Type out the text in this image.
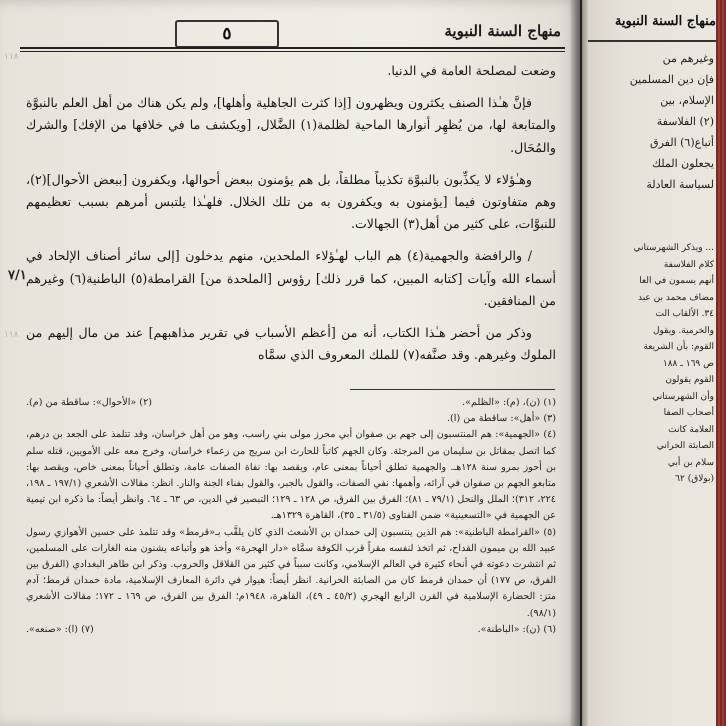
منهاج السنة النبوية
وغيرهم من
فإن دين المسلمين
الإسلام، بين
(٢) الفلاسفة
أتباع(٦) الفرق
يجعلون الملك
لسياسة العادلة
... ويذكر الشهرستاني
كلام الفلاسفة
أنهم يسمون في العا
مضاف محمد بن عبد
٣٤. الألقاب الت
والخرمية. ويقول
القوم: بأن الشريعة
ص ١٦٩ ـ ١٨٨
القوم يقولون
وأن الشهرستاني
أصحاب الصفا
العلامة كانت
الصابئة الحراني
سلام بن أبي
(بولاق) ٦٢
٥	منهاج السنة النبوية
١١٨
٧/١
١١٨

وضعت لمصلحة العامة في الدنيا.

فإنَّ هـٰذا الصنف يكثرون ويظهرون [إذا كثرت الجاهلية وأهلها]، ولم يكن هناك من أهل العلم بالنبوَّة والمتابعة لها، من يُظهِر أنوارها الماحية لظلمة(١) الضَّلال، [ويكشف ما في خلافها من الإفك] والشرك والمُحَال.

وهـٰؤلاء لا يكذِّبون بالنبوَّة تكذيباً مطلقاً، بل هم يؤمنون ببعض أحوالها، ويكفرون [ببعض الأحوال](٢)، وهم متفاوتون فيما [يؤمنون به ويكفرون به من تلك الخلال. فلهـٰذا يلتبس أمرهم بسبب تعظيمهم للنبوَّات، على كثير من أهل(٣) الجهالات.

/ والرافضة والجهمية(٤) هم الباب لهـٰؤلاء الملحدين، منهم يدخلون [إلى سائر أصناف الإلحاد في أسماء الله وآيات [كتابه المبين، كما قرر ذلك] رؤوس [الملحدة من] القرامطة(٥) الباطنية(٦) وغيرهم من المنافقين.

وذكر من أحضر هـٰذا الكتاب، أنه من [أعظم الأسباب في تقرير مذاهبهم] عند من مال إليهم من الملوك وغيرهم. وقد صنَّفه(٧) للملك المعروف الذي سمَّاه

(١) (ن)، (م): «الظلم».
(٢) «الأحوال»: ساقطة من (م).

(٣) «أهل»: ساقطة من (ا).

(٤) «الجهمية»: هم المنتسبون إلى جهم بن صفوان أبي محرز مولى بني راسب، وهو من أهل خراسان، وقد تتلمذ على الجعد بن درهم، كما اتصل بمقاتل بن سليمان من المرجئة. وكان الجهم كاتباً للحارث ابن سريج من زعماء خراسان، وخرج معه على الأمويين، قتله سلم بن أحوز بمرو سنة ١٢٨هـ. والجهمية تطلق أحياناً بمعنى عام، ويقصد بها: نفاة الصفات عامة، وتطلق أحياناً بمعنى خاص، ويقصد بها: متابعو الجهم بن صفوان في آرائه، وأهمها: نفي الصفات، والقول بالجبر، والقول بفناء الجنة والنار. انظر: مقالات الأشعري (١٩٧/١ ـ ١٩٨، ٢٢٤، ٣١٢)؛ الملل والنحل (٧٩/١ ـ ٨١)؛ الفرق بين الفرق، ص ١٢٨ ـ ١٢٩؛ التبصير في الدين، ص ٦٣ ـ ٦٤. وانظر أيضاً: ما ذكره ابن تيمية عن الجهمية في «التسعينية» ضمن الفتاوى (٣١/٥ ـ ٣٥)، القاهرة ١٣٢٩هـ.

(٥) «القرامطة الباطنية»: هم الذين ينتسبون إلى حمدان بن الأشعث الذي كان يلقَّب بـ«قرمط» وقد تتلمذ على حسين الأهوازي رسول عبيد الله بن ميمون القداح، ثم اتخذ لنفسه مقراً قرب الكوفة سمَّاه «دار الهجرة» وأخذ هو وأتباعه يشنون منه الغارات على المسلمين، ثم انتشرت دعوته في أنحاء كثيرة في العالم الإسلامي، وكانت سبباً في كثير من القلاقل والحروب. وذكر ابن طاهر البغدادي (الفرق بين الفرق، ص ١٧٧) أن حمدان قرمط كان من الصابئة الحرانية. انظر أيضاً: هيوار في دائرة المعارف الإسلامية، مادة حمدان قرمط؛ آدم متز: الحضارة الإسلامية في القرن الرابع الهجري (٤٥/٢ ـ ٤٩)، القاهرة، ١٩٤٨م؛ الفرق بين الفرق، ص ١٦٩ ـ ١٧٢؛ مقالات الأشعري (٩٨/١).

(٦) (ن): «الباطنة».
(٧) (ا): «صنعه».
